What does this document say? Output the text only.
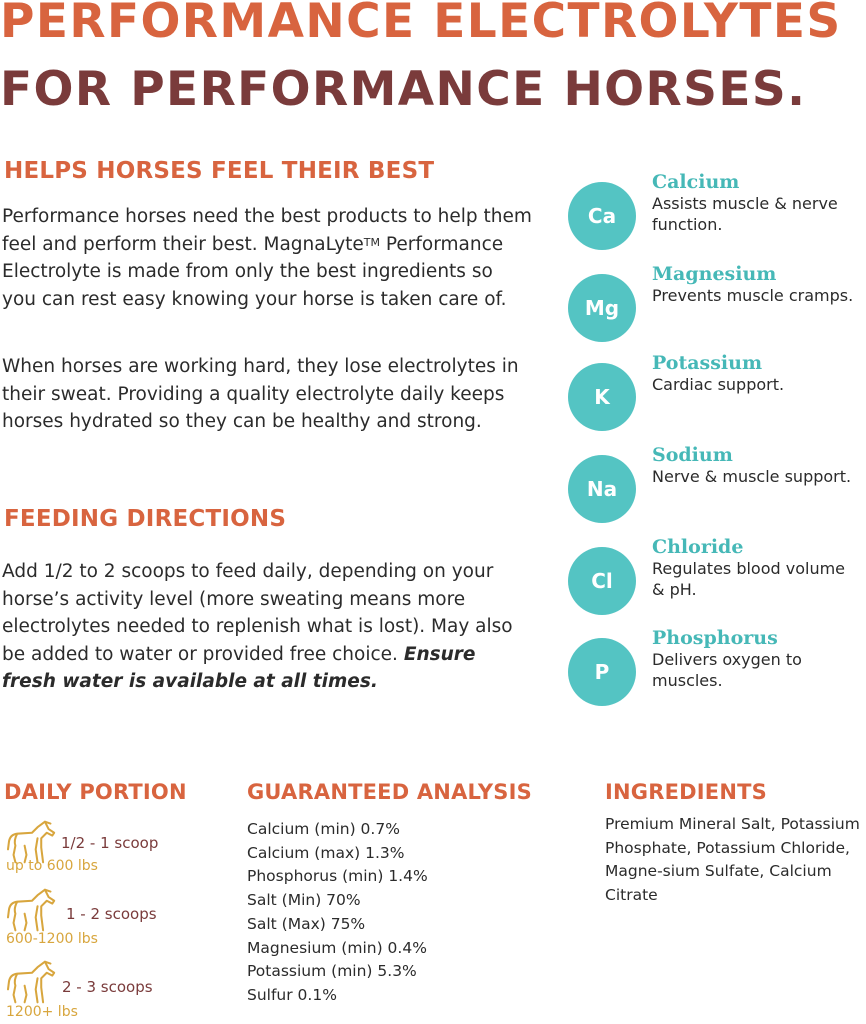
PERFORMANCE ELECTROLYTES
FOR PERFORMANCE HORSES.
HELPS HORSES FEEL THEIR BEST

Performance horses need the best products to help them feel and perform their best. MagnaLyte™ Performance Electrolyte is made from only the best ingredients so you can rest easy knowing your horse is taken care of.

When horses are working hard, they lose electrolytes in their sweat. Providing a quality electrolyte daily keeps horses hydrated so they can be healthy and strong.

FEEDING DIRECTIONS

Add 1/2 to 2 scoops to feed daily, depending on your horse’s activity level (more sweating means more electrolytes needed to replenish what is lost). May also be added to water or provided free choice. Ensure fresh water is available at all times.

Ca
Calcium
Assists muscle & nerve function.
Mg
Magnesium
Prevents muscle cramps.
K
Potassium
Cardiac support.
Na
Sodium
Nerve & muscle support.
Cl
Chloride
Regulates blood volume & pH.
P
Phosphorus
Delivers oxygen to muscles.
DAILY PORTION
1/2 - 1 scoop
up to 600 lbs
1 - 2 scoops
600-1200 lbs
2 - 3 scoops
1200+ lbs
GUARANTEED ANALYSIS
Calcium (min) 0.7%
Calcium (max) 1.3%
Phosphorus (min) 1.4%
Salt (Min) 70%
Salt (Max) 75%
Magnesium (min) 0.4%
Potassium (min) 5.3%
Sulfur 0.1%
INGREDIENTS

Premium Mineral Salt, Potassium Phosphate, Potassium Chloride, Magne-sium Sulfate, Calcium Citrate
